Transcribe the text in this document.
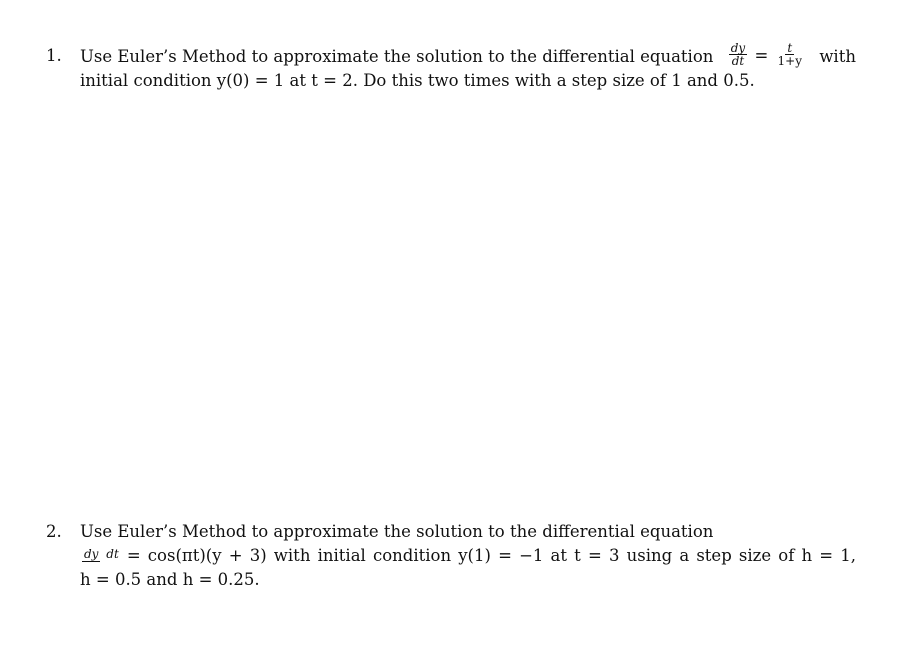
1. Use Euler’s Method to approximate the solution to the differential equation $\frac{dy}{dt} = \frac{t}{1+y}$ with
initial condition y(0) = 1 at t = 2. Do this two times with a step size of 1 and 0.5.
2. Use Euler’s Method to approximate the solution to the differential equation
dy dt = cos(πt)(y + 3) with initial condition y(1) = −1 at t = 3 using a step size of h = 1,
h = 0.5 and h = 0.25.
